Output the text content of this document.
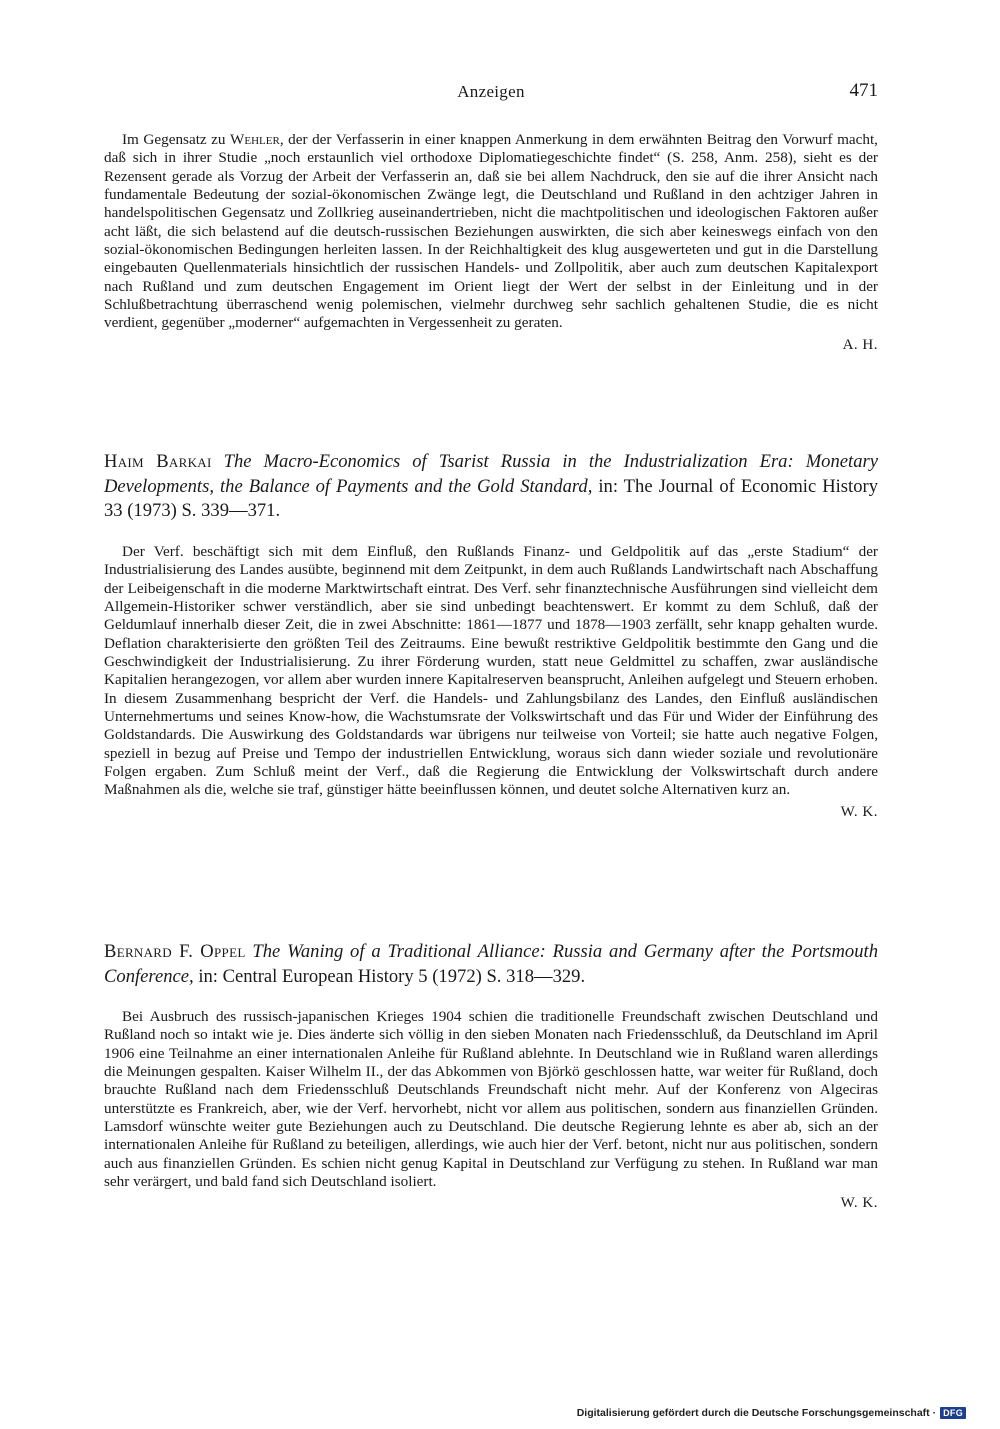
Anzeigen	471

Im Gegensatz zu Wehler, der der Verfasserin in einer knappen Anmerkung in dem erwähnten Beitrag den Vorwurf macht, daß sich in ihrer Studie „noch erstaunlich viel orthodoxe Diplomatiegeschichte findet“ (S. 258, Anm. 258), sieht es der Rezensent gerade als Vorzug der Arbeit der Verfasserin an, daß sie bei allem Nachdruck, den sie auf die ihrer Ansicht nach fundamentale Bedeutung der sozial-ökonomischen Zwänge legt, die Deutschland und Rußland in den achtziger Jahren in handelspolitischen Gegensatz und Zollkrieg auseinandertrieben, nicht die machtpolitischen und ideologischen Faktoren außer acht läßt, die sich belastend auf die deutsch-russischen Beziehungen auswirkten, die sich aber keineswegs einfach von den sozial-ökonomischen Bedingungen herleiten lassen. In der Reichhaltigkeit des klug ausgewerteten und gut in die Darstellung eingebauten Quellenmaterials hinsichtlich der russischen Handels- und Zollpolitik, aber auch zum deutschen Kapitalexport nach Rußland und zum deutschen Engagement im Orient liegt der Wert der selbst in der Einleitung und in der Schlußbetrachtung überraschend wenig polemischen, vielmehr durchweg sehr sachlich gehaltenen Studie, die es nicht verdient, gegenüber „moderner“ aufgemachten in Vergessenheit zu geraten.

A. H.

Haim Barkai The Macro-Economics of Tsarist Russia in the Industrialization Era: Monetary Developments, the Balance of Payments and the Gold Standard, in: The Journal of Economic History 33 (1973) S. 339—371.

Der Verf. beschäftigt sich mit dem Einfluß, den Rußlands Finanz- und Geldpolitik auf das „erste Stadium“ der Industrialisierung des Landes ausübte, beginnend mit dem Zeitpunkt, in dem auch Rußlands Landwirtschaft nach Abschaffung der Leibeigenschaft in die moderne Marktwirtschaft eintrat. Des Verf. sehr finanztechnische Ausführungen sind vielleicht dem Allgemein-Historiker schwer verständlich, aber sie sind unbedingt beachtenswert. Er kommt zu dem Schluß, daß der Geldumlauf innerhalb dieser Zeit, die in zwei Abschnitte: 1861—1877 und 1878—1903 zerfällt, sehr knapp gehalten wurde. Deflation charakterisierte den größten Teil des Zeitraums. Eine bewußt restriktive Geldpolitik bestimmte den Gang und die Geschwindigkeit der Industrialisierung. Zu ihrer Förderung wurden, statt neue Geldmittel zu schaffen, zwar ausländische Kapitalien herangezogen, vor allem aber wurden innere Kapitalreserven beansprucht, Anleihen aufgelegt und Steuern erhoben. In diesem Zusammenhang bespricht der Verf. die Handels- und Zahlungsbilanz des Landes, den Einfluß ausländischen Unternehmertums und seines Know-how, die Wachstumsrate der Volkswirtschaft und das Für und Wider der Einführung des Goldstandards. Die Auswirkung des Goldstandards war übrigens nur teilweise von Vorteil; sie hatte auch negative Folgen, speziell in bezug auf Preise und Tempo der industriellen Entwicklung, woraus sich dann wieder soziale und revolutionäre Folgen ergaben. Zum Schluß meint der Verf., daß die Regierung die Entwicklung der Volkswirtschaft durch andere Maßnahmen als die, welche sie traf, günstiger hätte beeinflussen können, und deutet solche Alternativen kurz an.

W. K.

Bernard F. Oppel The Waning of a Traditional Alliance: Russia and Germany after the Portsmouth Conference, in: Central European History 5 (1972) S. 318—329.

Bei Ausbruch des russisch-japanischen Krieges 1904 schien die traditionelle Freundschaft zwischen Deutschland und Rußland noch so intakt wie je. Dies änderte sich völlig in den sieben Monaten nach Friedensschluß, da Deutschland im April 1906 eine Teilnahme an einer internationalen Anleihe für Rußland ablehnte. In Deutschland wie in Rußland waren allerdings die Meinungen gespalten. Kaiser Wilhelm II., der das Abkommen von Björkö geschlossen hatte, war weiter für Rußland, doch brauchte Rußland nach dem Friedensschluß Deutschlands Freundschaft nicht mehr. Auf der Konferenz von Algeciras unterstützte es Frankreich, aber, wie der Verf. hervorhebt, nicht vor allem aus politischen, sondern aus finanziellen Gründen. Lamsdorf wünschte weiter gute Beziehungen auch zu Deutschland. Die deutsche Regierung lehnte es aber ab, sich an der internationalen Anleihe für Rußland zu beteiligen, allerdings, wie auch hier der Verf. betont, nicht nur aus politischen, sondern auch aus finanziellen Gründen. Es schien nicht genug Kapital in Deutschland zur Verfügung zu stehen. In Rußland war man sehr verärgert, und bald fand sich Deutschland isoliert.

W. K.
Digitalisierung gefördert durch die Deutsche Forschungsgemeinschaft · DFG
